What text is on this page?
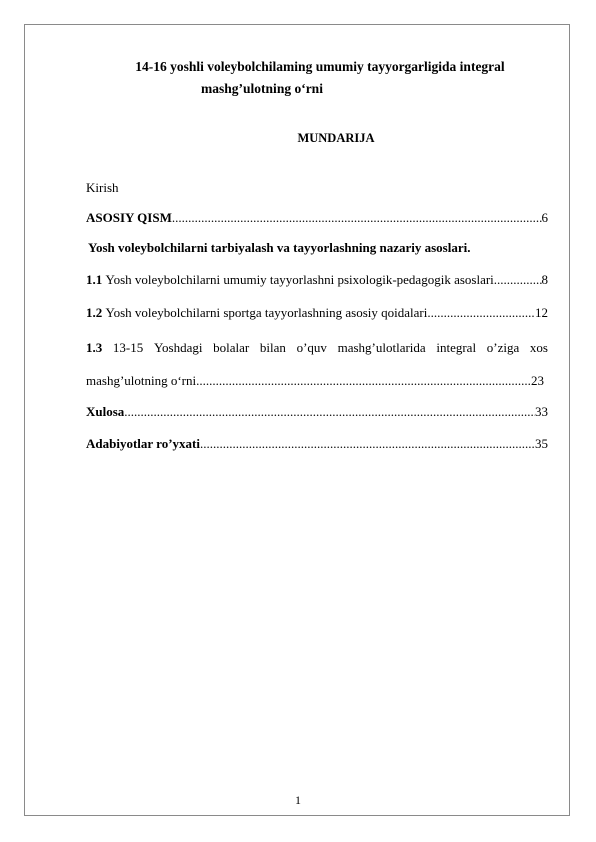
14-16 yoshli voleybolchilaming umumiy tayyorgarligida integral

mashg’ulotning o‘rni

MUNDARIJA

Kirish
ASOSIY QISM .....	6
Yosh voleybolchilarni tarbiyalash va tayyorlashning nazariy asoslari.
1.1
Yosh voleybolchilarni umumiy tayyorlashni psixologik-pedagogik asoslari .....	8
1.2
Yosh voleybolchilarni sportga tayyorlashning asosiy qoidalari .....	12
1.3 13-15 Yoshdagi bolalar bilan o’quv mashg’ulotlarida integral o’ziga xos
mashg’ulotning o‘rni .....	23
Xulosa .....	33
Adabiyotlar ro’yxati .....	35
1
